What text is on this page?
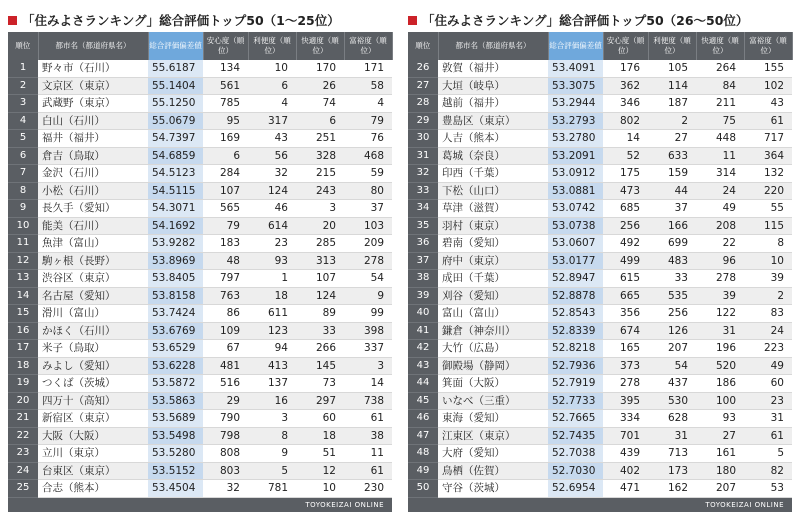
「住みよさランキング」総合評価トップ50（1〜25位）
順位	都市名（都道府県名）	総合評価偏差値	安心度（順位）	利便度（順位）	快適度（順位）	富裕度（順位）
1	野々市（石川）	55.6187	134	10	170	171
2	文京区（東京）	55.1404	561	6	26	58
3	武蔵野（東京）	55.1250	785	4	74	4
4	白山（石川）	55.0679	95	317	6	79
5	福井（福井）	54.7397	169	43	251	76
6	倉吉（鳥取）	54.6859	6	56	328	468
7	金沢（石川）	54.5123	284	32	215	59
8	小松（石川）	54.5115	107	124	243	80
9	長久手（愛知）	54.3071	565	46	3	37
10	能美（石川）	54.1692	79	614	20	103
11	魚津（富山）	53.9282	183	23	285	209
12	駒ヶ根（長野）	53.8969	48	93	313	278
13	渋谷区（東京）	53.8405	797	1	107	54
14	名古屋（愛知）	53.8158	763	18	124	9
15	滑川（富山）	53.7424	86	611	89	99
16	かほく（石川）	53.6769	109	123	33	398
17	米子（鳥取）	53.6529	67	94	266	337
18	みよし（愛知）	53.6228	481	413	145	3
19	つくば（茨城）	53.5872	516	137	73	14
20	四万十（高知）	53.5863	29	16	297	738
21	新宿区（東京）	53.5689	790	3	60	61
22	大阪（大阪）	53.5498	798	8	18	38
23	立川（東京）	53.5280	808	9	51	11
24	台東区（東京）	53.5152	803	5	12	61
25	合志（熊本）	53.4504	32	781	10	230
TOYOKEIZAI ONLINE
「住みよさランキング」総合評価トップ50（26〜50位）
順位	都市名（都道府県名）	総合評価偏差値	安心度（順位）	利便度（順位）	快適度（順位）	富裕度（順位）
26	敦賀（福井）	53.4091	176	105	264	155
27	大垣（岐阜）	53.3075	362	114	84	102
28	越前（福井）	53.2944	346	187	211	43
29	豊島区（東京）	53.2793	802	2	75	61
30	人吉（熊本）	53.2780	14	27	448	717
31	葛城（奈良）	53.2091	52	633	11	364
32	印西（千葉）	53.0912	175	159	314	132
33	下松（山口）	53.0881	473	44	24	220
34	草津（滋賀）	53.0742	685	37	49	55
35	羽村（東京）	53.0738	256	166	208	115
36	碧南（愛知）	53.0607	492	699	22	8
37	府中（東京）	53.0177	499	483	96	10
38	成田（千葉）	52.8947	615	33	278	39
39	刈谷（愛知）	52.8878	665	535	39	2
40	富山（富山）	52.8543	356	256	122	83
41	鎌倉（神奈川）	52.8339	674	126	31	24
42	大竹（広島）	52.8218	165	207	196	223
43	御殿場（静岡）	52.7936	373	54	520	49
44	箕面（大阪）	52.7919	278	437	186	60
45	いなべ（三重）	52.7733	395	530	100	23
46	東海（愛知）	52.7665	334	628	93	31
47	江東区（東京）	52.7435	701	31	27	61
48	大府（愛知）	52.7038	439	713	161	5
49	鳥栖（佐賀）	52.7030	402	173	180	82
50	守谷（茨城）	52.6954	471	162	207	53
TOYOKEIZAI ONLINE
